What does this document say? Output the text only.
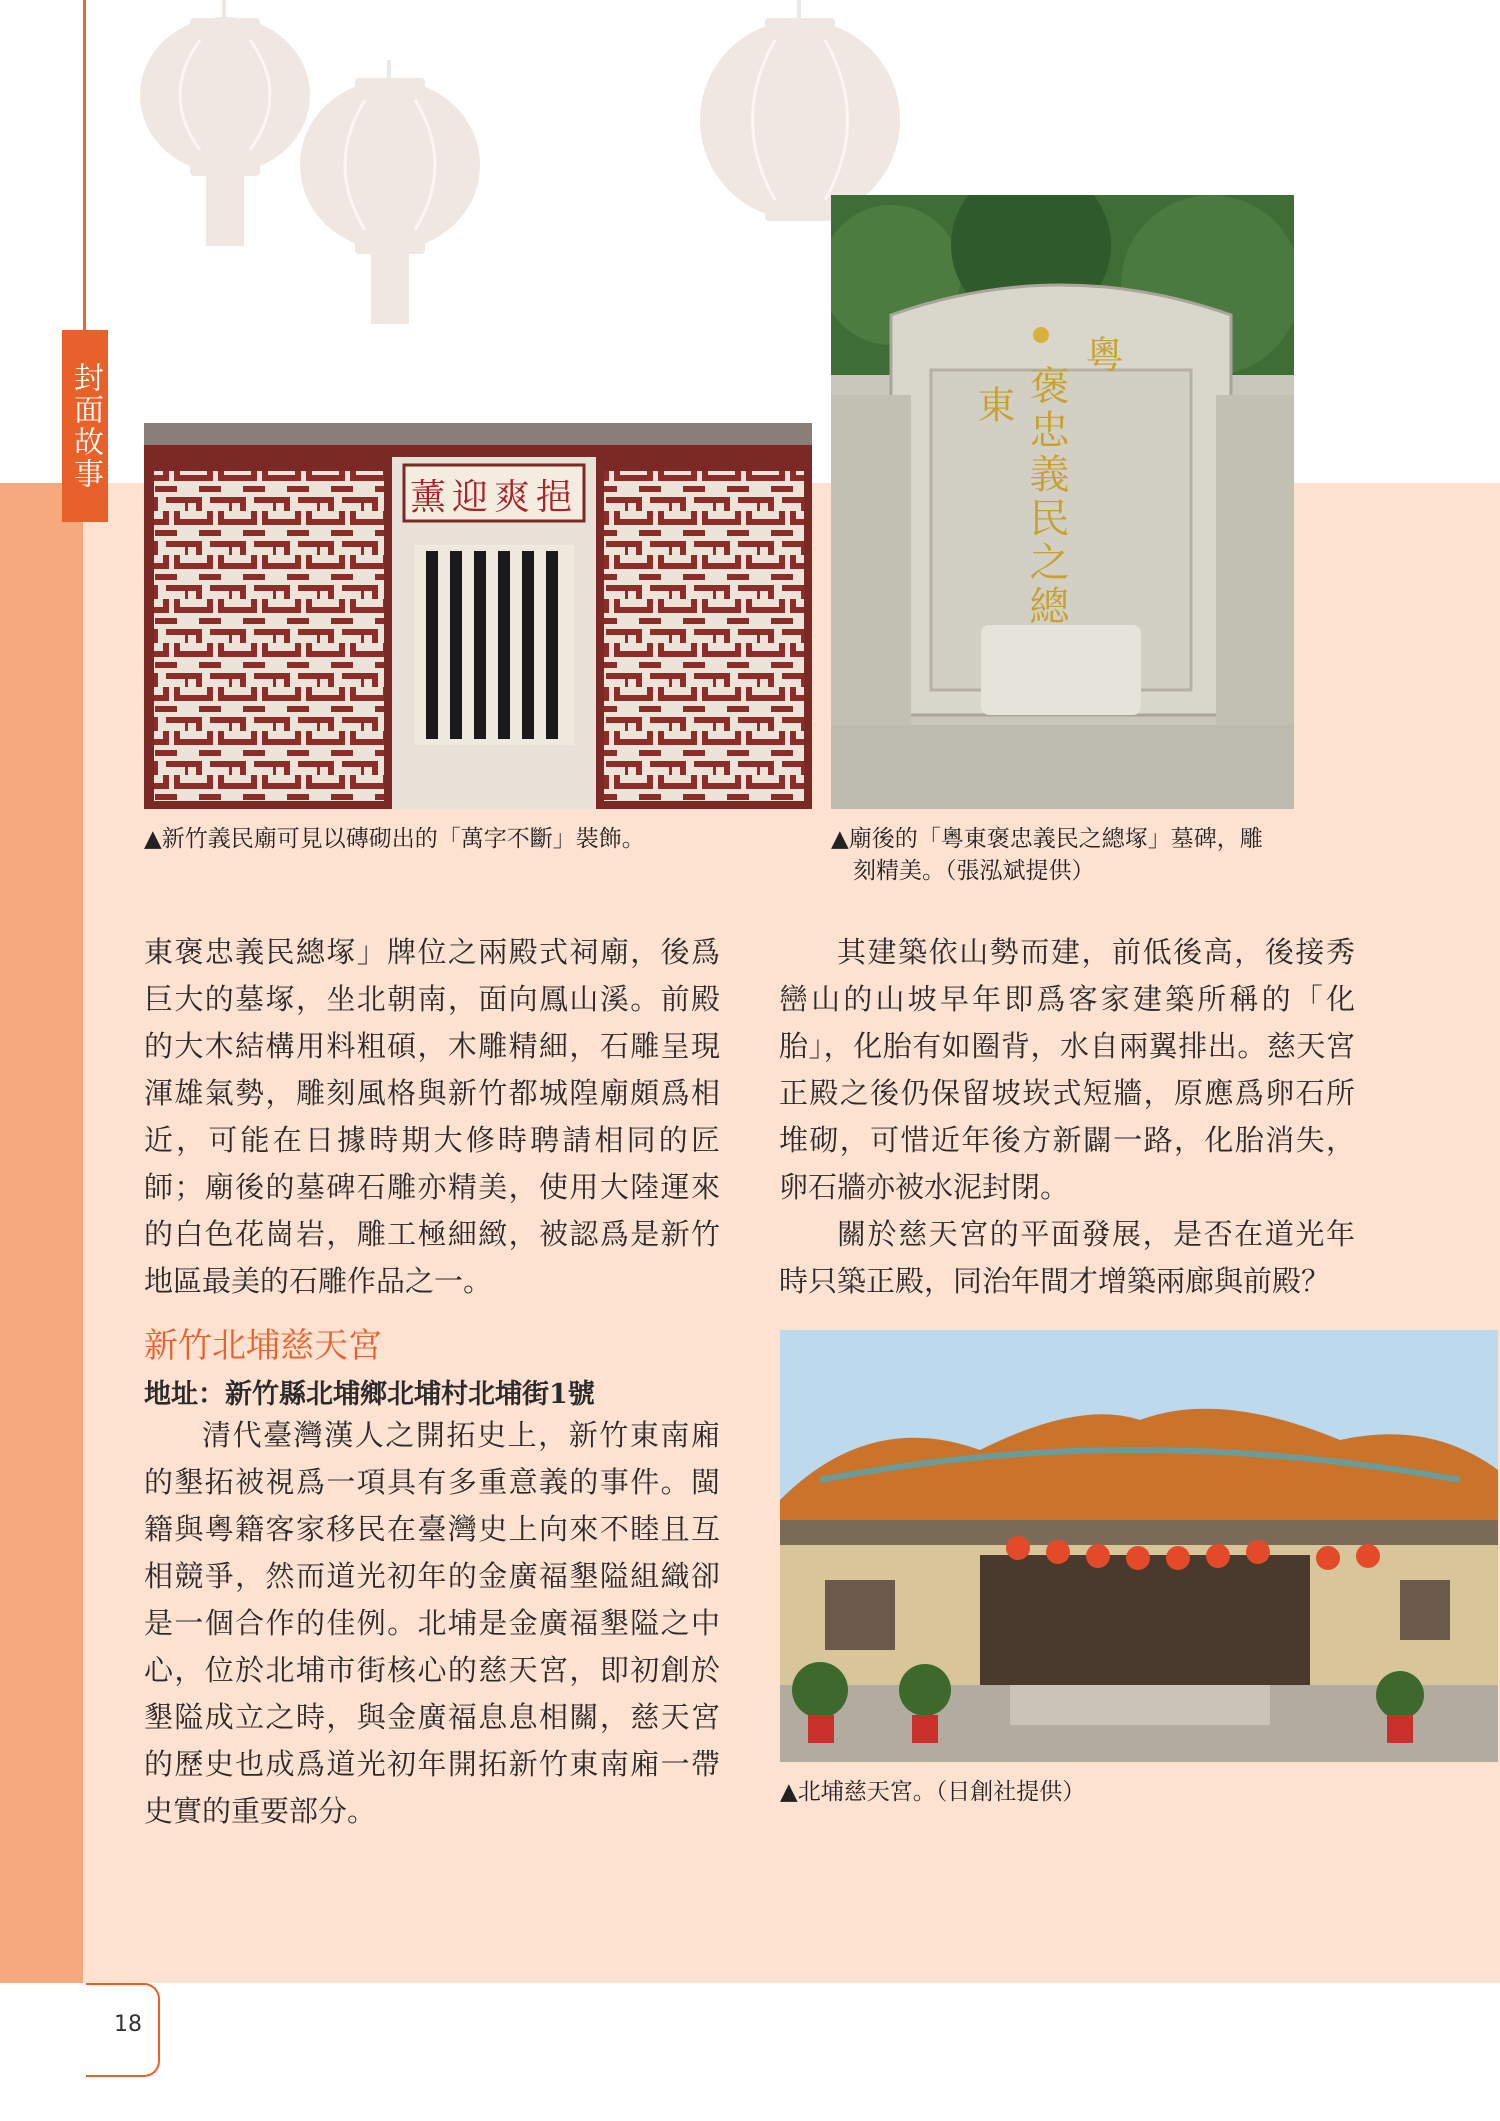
封面故事
薰迎爽挹
▲新竹義民廟可見以磚砌出的「萬字不斷」裝飾。
粵
褒忠義民之總
東
▲廟後的「粵東褒忠義民之總塚」墓碑，雕
刻精美。（張泓斌提供）

東褒忠義民總塚」牌位之兩殿式祠廟，後爲巨大的墓塚，坐北朝南，面向鳳山溪。前殿的大木結構用料粗碩，木雕精細，石雕呈現渾雄氣勢，雕刻風格與新竹都城隍廟頗爲相近，可能在日據時期大修時聘請相同的匠師；廟後的墓碑石雕亦精美，使用大陸運來的白色花崗岩，雕工極細緻，被認爲是新竹地區最美的石雕作品之一。

新竹北埔慈天宮
地址：新竹縣北埔鄉北埔村北埔街1號

清代臺灣漢人之開拓史上，新竹東南廂的墾拓被視爲一項具有多重意義的事件。閩籍與粵籍客家移民在臺灣史上向來不睦且互相競爭，然而道光初年的金廣福墾隘組織卻是一個合作的佳例。北埔是金廣福墾隘之中心，位於北埔市街核心的慈天宮，即初創於墾隘成立之時，與金廣福息息相關，慈天宮的歷史也成爲道光初年開拓新竹東南廂一帶史實的重要部分。

其建築依山勢而建，前低後高，後接秀巒山的山坡早年即爲客家建築所稱的「化胎」，化胎有如圈背，水自兩翼排出。慈天宮正殿之後仍保留坡崁式短牆，原應爲卵石所堆砌，可惜近年後方新闢一路，化胎消失，卵石牆亦被水泥封閉。

關於慈天宮的平面發展，是否在道光年時只築正殿，同治年間才增築兩廊與前殿？

▲北埔慈天宮。（日創社提供）
18
